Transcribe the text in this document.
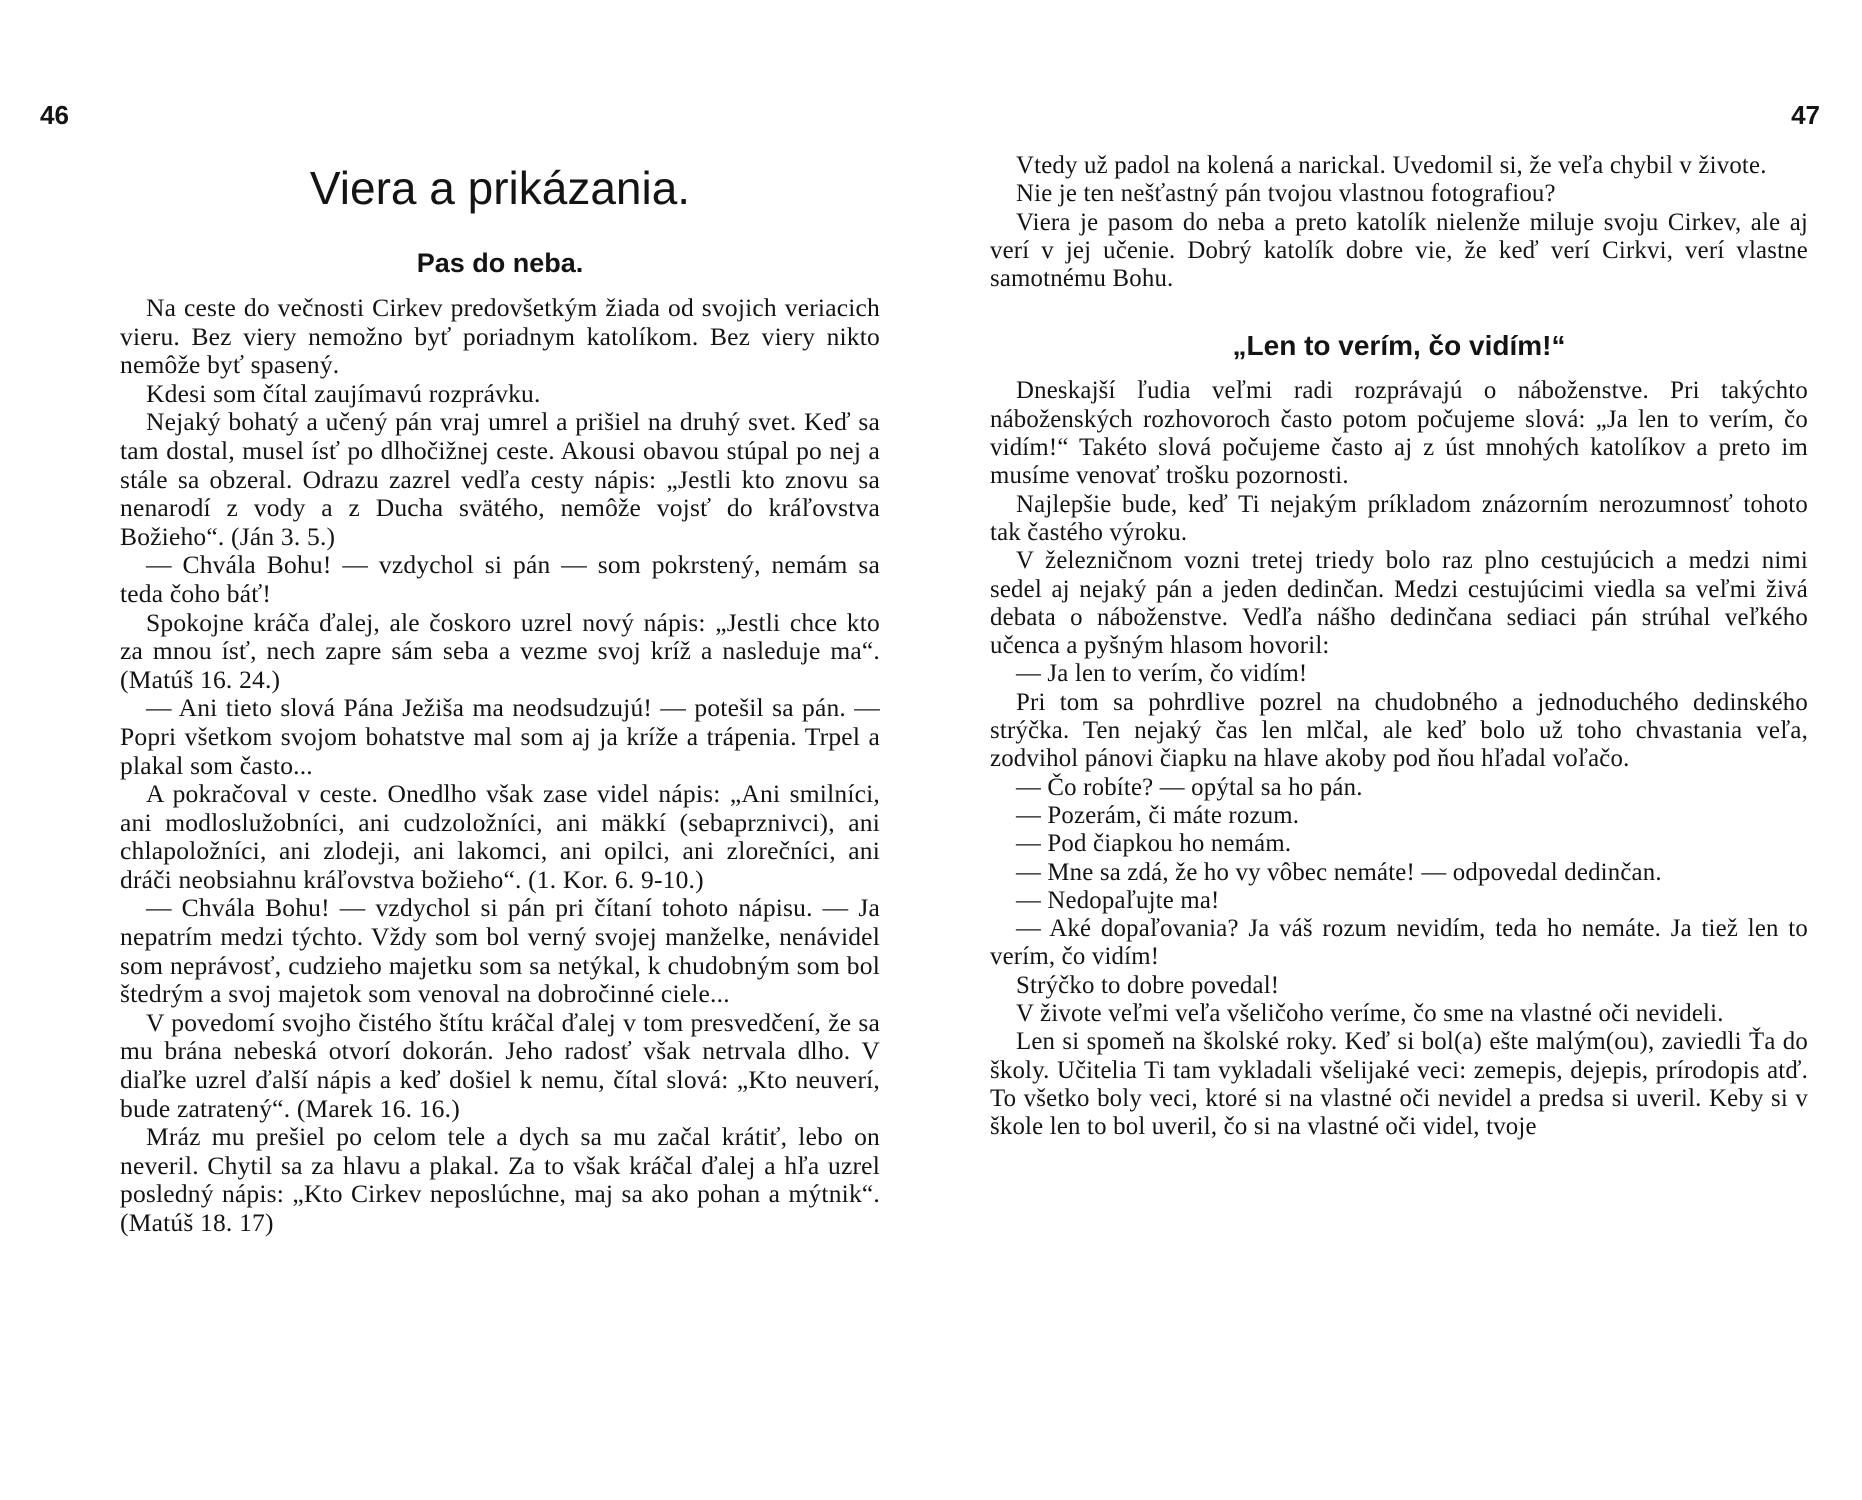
46
Viera a prikázania.
Pas do neba.

Na ceste do večnosti Cirkev predovšetkým žiada od svojich veriacich vieru. Bez viery nemožno byť poriadnym katolíkom. Bez viery nikto nemôže byť spasený.

Kdesi som čítal zaujímavú rozprávku.

Nejaký bohatý a učený pán vraj umrel a prišiel na druhý svet. Keď sa tam dostal, musel ísť po dlhočižnej ceste. Akousi obavou stúpal po nej a stále sa obzeral. Odrazu zazrel vedľa cesty nápis: „Jestli kto znovu sa nenarodí z vody a z Ducha svätého, nemôže vojsť do kráľovstva Božieho“. (Ján 3. 5.)

— Chvála Bohu! — vzdychol si pán — som pokrstený, nemám sa teda čoho báť!

Spokojne kráča ďalej, ale čoskoro uzrel nový nápis: „Jestli chce kto za mnou ísť, nech zapre sám seba a vezme svoj kríž a nasleduje ma“. (Matúš 16. 24.)

— Ani tieto slová Pána Ježiša ma neodsudzujú! — potešil sa pán. — Popri všetkom svojom bohatstve mal som aj ja kríže a trápenia. Trpel a plakal som často...

A pokračoval v ceste. Onedlho však zase videl nápis: „Ani smilníci, ani modloslužobníci, ani cudzoložníci, ani mäkkí (sebaprznivci), ani chlapoložníci, ani zlodeji, ani lakomci, ani opilci, ani zlorečníci, ani dráči neobsiahnu kráľovstva božieho“. (1. Kor. 6. 9-10.)

— Chvála Bohu! — vzdychol si pán pri čítaní tohoto nápisu. — Ja nepatrím medzi týchto. Vždy som bol verný svojej manželke, nenávidel som neprávosť, cudzieho majetku som sa netýkal, k chudobným som bol štedrým a svoj majetok som venoval na dobročinné ciele...

V povedomí svojho čistého štítu kráčal ďalej v tom presvedčení, že sa mu brána nebeská otvorí dokorán. Jeho radosť však netrvala dlho. V diaľke uzrel ďalší nápis a keď došiel k nemu, čítal slová: „Kto neuverí, bude zatratený“. (Marek 16. 16.)

Mráz mu prešiel po celom tele a dych sa mu začal krátiť, lebo on neveril. Chytil sa za hlavu a plakal. Za to však kráčal ďalej a hľa uzrel posledný nápis: „Kto Cirkev neposlúchne, maj sa ako pohan a mýtnik“. (Matúš 18. 17)

47

Vtedy už padol na kolená a narickal. Uvedomil si, že veľa chybil v živote.

Nie je ten nešťastný pán tvojou vlastnou fotografiou?

Viera je pasom do neba a preto katolík nielenže miluje svoju Cirkev, ale aj verí v jej učenie. Dobrý katolík dobre vie, že keď verí Cirkvi, verí vlastne samotnému Bohu.

„Len to verím, čo vidím!“

Dneskajší ľudia veľmi radi rozprávajú o náboženstve. Pri takýchto náboženských rozhovoroch často potom počujeme slová: „Ja len to verím, čo vidím!“ Takéto slová počujeme často aj z úst mnohých katolíkov a preto im musíme venovať trošku pozornosti.

Najlepšie bude, keď Ti nejakým príkladom znázorním nerozumnosť tohoto tak častého výroku.

V železničnom vozni tretej triedy bolo raz plno cestujúcich a medzi nimi sedel aj nejaký pán a jeden dedinčan. Medzi cestujúcimi viedla sa veľmi živá debata o náboženstve. Vedľa nášho dedinčana sediaci pán strúhal veľkého učenca a pyšným hlasom hovoril:

— Ja len to verím, čo vidím!

Pri tom sa pohrdlive pozrel na chudobného a jednoduchého dedinského strýčka. Ten nejaký čas len mlčal, ale keď bolo už toho chvastania veľa, zodvihol pánovi čiapku na hlave akoby pod ňou hľadal voľačo.

— Čo robíte? — opýtal sa ho pán.

— Pozerám, či máte rozum.

— Pod čiapkou ho nemám.

— Mne sa zdá, že ho vy vôbec nemáte! — odpovedal dedinčan.

— Nedopaľujte ma!

— Aké dopaľovania? Ja váš rozum nevidím, teda ho nemáte. Ja tiež len to verím, čo vidím!

Strýčko to dobre povedal!

V živote veľmi veľa všeličoho veríme, čo sme na vlastné oči nevideli.

Len si spomeň na školské roky. Keď si bol(a) ešte malým(ou), zaviedli Ťa do školy. Učitelia Ti tam vykladali všelijaké veci: zemepis, dejepis, prírodopis atď. To všetko boly veci, ktoré si na vlastné oči nevidel a predsa si uveril. Keby si v škole len to bol uveril, čo si na vlastné oči videl, tvoje
